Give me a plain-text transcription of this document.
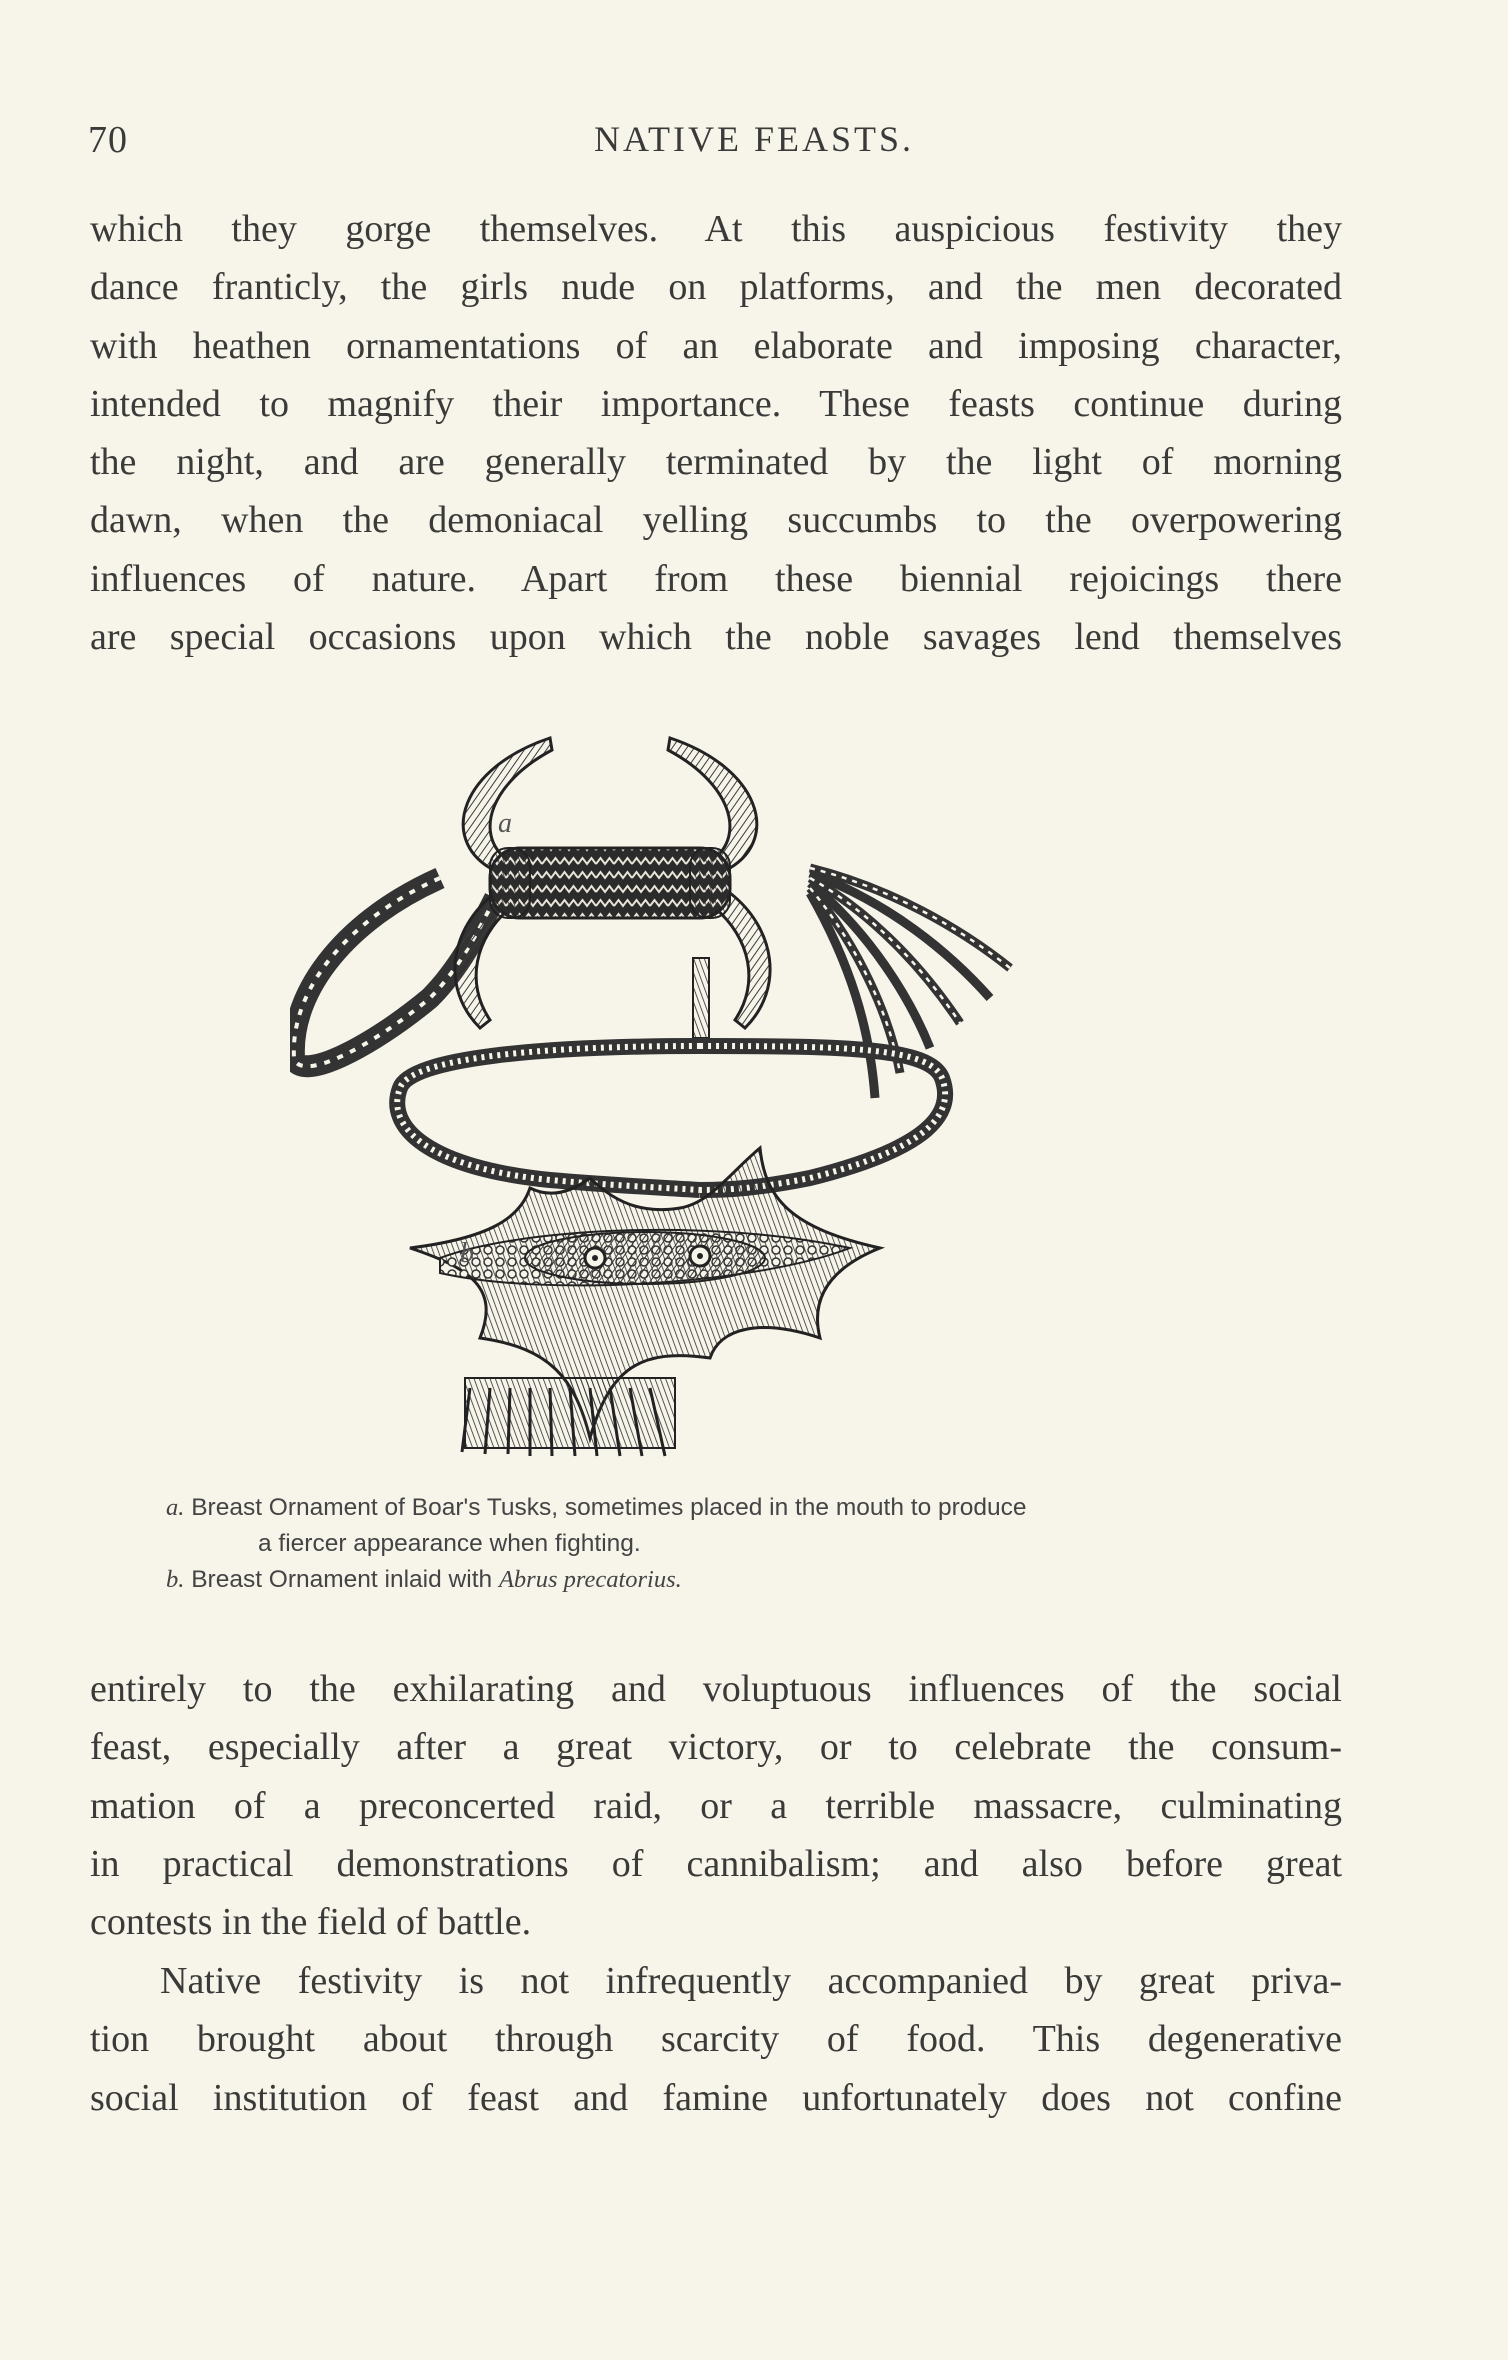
70	NATIVE FEASTS.
which they gorge themselves. At this auspicious festivity they
dance franticly, the girls nude on platforms, and the men decorated
with heathen ornamentations of an elaborate and imposing character,
intended to magnify their importance. These feasts continue during
the night, and are generally terminated by the light of morning
dawn, when the demoniacal yelling succumbs to the overpowering
influences of nature. Apart from these biennial rejoicings there
are special occasions upon which the noble savages lend themselves
a
b
a. Breast Ornament of Boar's Tusks, sometimes placed in the mouth to produce
a fiercer appearance when fighting.
b. Breast Ornament inlaid with Abrus precatorius.
entirely to the exhilarating and voluptuous influences of the social
feast, especially after a great victory, or to celebrate the consum-
mation of a preconcerted raid, or a terrible massacre, culminating
in practical demonstrations of cannibalism; and also before great
contests in the field of battle.
Native festivity is not infrequently accompanied by great priva-
tion brought about through scarcity of food. This degenerative
social institution of feast and famine unfortunately does not confine
